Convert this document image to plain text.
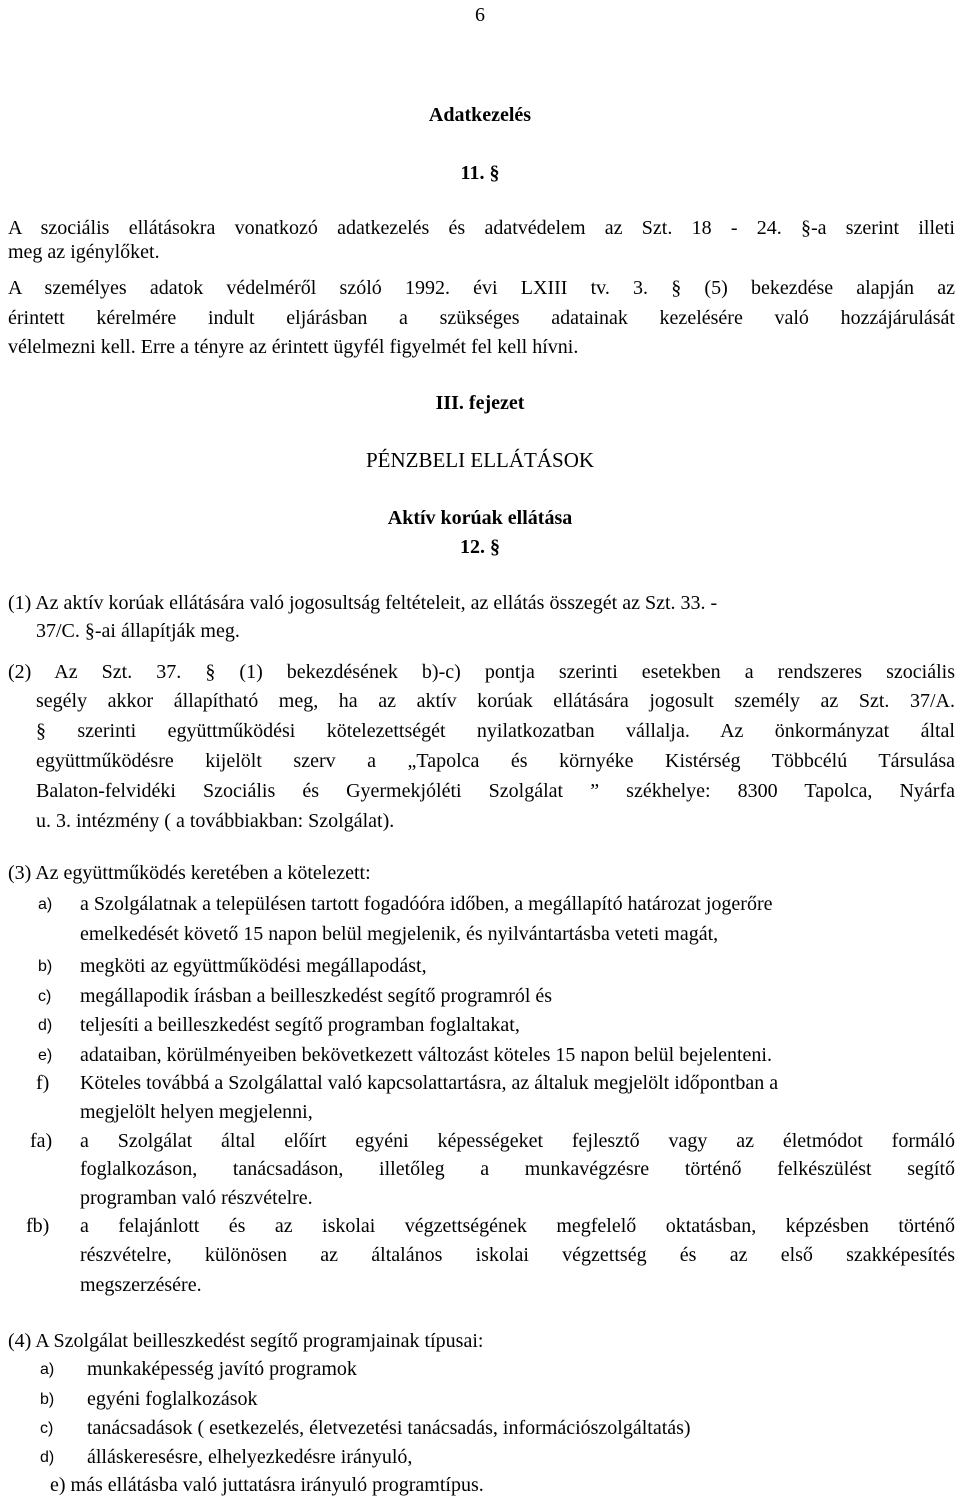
6
Adatkezelés
11. §
A szociális ellátásokra vonatkozó adatkezelés és adatvédelem az Szt. 18 - 24. §-a szerint illeti
meg az igénylőket.
A személyes adatok védelméről szóló 1992. évi LXIII tv. 3. § (5) bekezdése alapján az
érintett kérelmére indult eljárásban a szükséges adatainak kezelésére való hozzájárulását
vélelmezni kell. Erre a tényre az érintett ügyfél figyelmét fel kell hívni.
III. fejezet
PÉNZBELI ELLÁTÁSOK
Aktív korúak ellátása
12. §
(1) Az aktív korúak ellátására való jogosultság feltételeit, az ellátás összegét az Szt. 33. -
37/C. §-ai állapítják meg.
(2) Az Szt. 37. § (1) bekezdésének b)-c) pontja szerinti esetekben a rendszeres szociális
segély akkor állapítható meg, ha az aktív korúak ellátására jogosult személy az Szt. 37/A.
§ szerinti együttműködési kötelezettségét nyilatkozatban vállalja. Az önkormányzat által
együttműködésre kijelölt szerv a „Tapolca és környéke Kistérség Többcélú Társulása
Balaton-felvidéki Szociális és Gyermekjóléti Szolgálat ” székhelye: 8300 Tapolca, Nyárfa
u. 3. intézmény ( a továbbiakban: Szolgálat).
(3) Az együttműködés keretében a kötelezett:
a) a Szolgálatnak a településen tartott fogadóóra időben, a megállapító határozat jogerőre
emelkedését követő 15 napon belül megjelenik, és nyilvántartásba veteti magát,
b) megköti az együttműködési megállapodást,
c) megállapodik írásban a beilleszkedést segítő programról és
d) teljesíti a beilleszkedést segítő programban foglaltakat,
e) adataiban, körülményeiben bekövetkezett változást köteles 15 napon belül bejelenteni.
f) Köteles továbbá a Szolgálattal való kapcsolattartásra, az általuk megjelölt időpontban a
megjelölt helyen megjelenni,
fa) a Szolgálat által előírt egyéni képességeket fejlesztő vagy az életmódot formáló
foglalkozáson, tanácsadáson, illetőleg a munkavégzésre történő felkészülést segítő
programban való részvételre.
fb) a felajánlott és az iskolai végzettségének megfelelő oktatásban, képzésben történő
részvételre, különösen az általános iskolai végzettség és az első szakképesítés
megszerzésére.
(4) A Szolgálat beilleszkedést segítő programjainak típusai:
a) munkaképesség javító programok
b) egyéni foglalkozások
c) tanácsadások ( esetkezelés, életvezetési tanácsadás, információszolgáltatás)
d) álláskeresésre, elhelyezkedésre irányuló,
e) más ellátásba való juttatásra irányuló programtípus.
